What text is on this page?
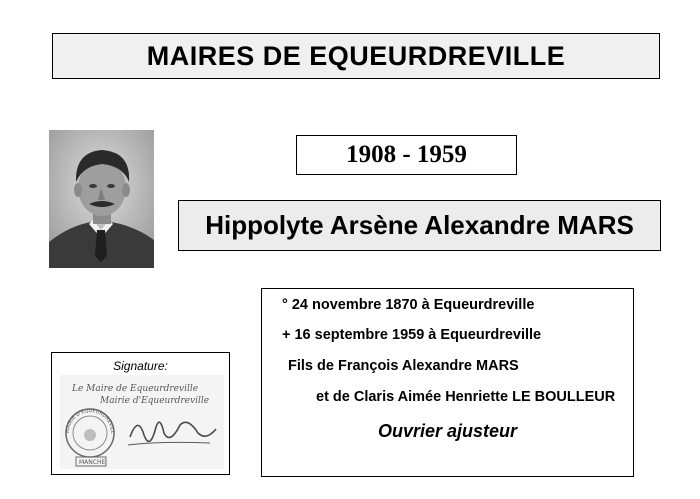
MAIRES DE EQUEURDREVILLE
1908 - 1959
Hippolyte Arsène Alexandre MARS
° 24 novembre 1870 à Equeurdreville
+ 16 septembre 1959 à Equeurdreville
Fils de François Alexandre MARS
et de Claris Aimée Henriette LE BOULLEUR
Ouvrier ajusteur
Signature:
Le Maire de Equeurdreville
Mairie d'Equeurdreville
MAIRIE D'EQUEURDREVILL
MANCHE
